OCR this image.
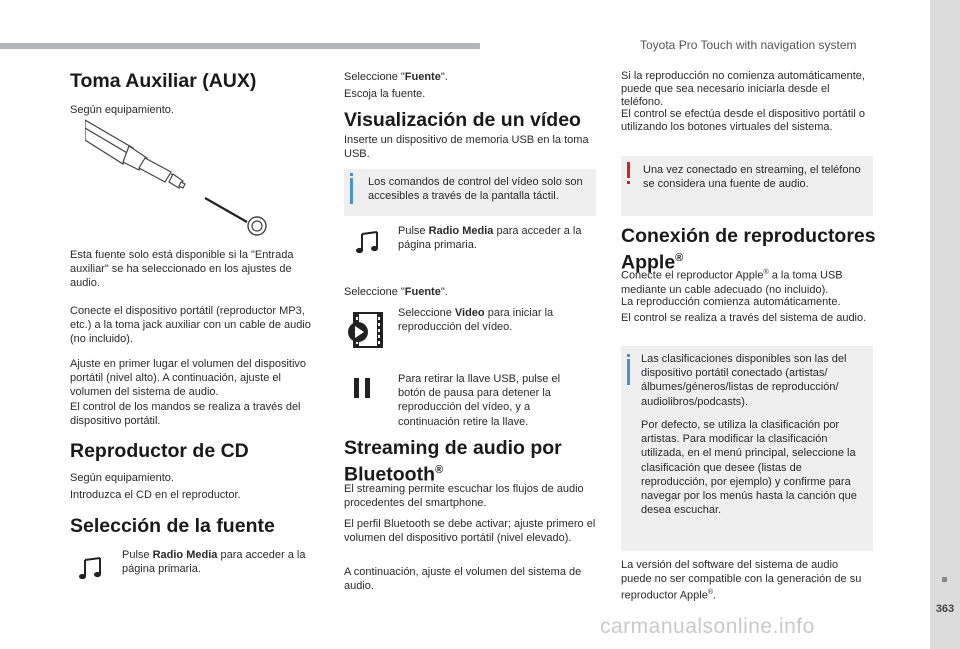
Toyota Pro Touch with navigation system
363
carmanualsonline.info
Toma Auxiliar (AUX)

Según equipamiento.

Esta fuente solo está disponible si la "Entrada auxiliar" se ha seleccionado en los ajustes de audio.

Conecte el dispositivo portátil (reproductor MP3, etc.) a la toma jack auxiliar con un cable de audio (no incluido).

Ajuste en primer lugar el volumen del dispositivo portátil (nivel alto). A continuación, ajuste el volumen del sistema de audio.

El control de los mandos se realiza a través del dispositivo portátil.

Reproductor de CD

Según equipamiento.

Introduzca el CD en el reproductor.

Selección de la fuente

Pulse Radio Media para acceder a la página primaria.

Seleccione "Fuente".

Escoja la fuente.

Visualización de un vídeo

Inserte un dispositivo de memoria USB en la toma USB.

Los comandos de control del vídeo solo son accesibles a través de la pantalla táctil.

Pulse Radio Media para acceder a la página primaria.

Seleccione "Fuente".

Seleccione Video para iniciar la reproducción del vídeo.

Para retirar la llave USB, pulse el botón de pausa para detener la reproducción del vídeo, y a continuación retire la llave.

Streaming de audio por
Bluetooth®

El streaming permite escuchar los flujos de audio procedentes del smartphone.

El perfil Bluetooth se debe activar; ajuste primero el volumen del dispositivo portátil (nivel elevado).

A continuación, ajuste el volumen del sistema de audio.

Si la reproducción no comienza automáticamente, puede que sea necesario iniciarla desde el teléfono.

El control se efectúa desde el dispositivo portátil o utilizando los botones virtuales del sistema.

Una vez conectado en streaming, el teléfono se considera una fuente de audio.

Conexión de reproductores
Apple®

Conecte el reproductor Apple® a la toma USB mediante un cable adecuado (no incluido).

La reproducción comienza automáticamente.

El control se realiza a través del sistema de audio.

Las clasificaciones disponibles son las del dispositivo portátil conectado (artistas/ álbumes/géneros/listas de reproducción/ audiolibros/podcasts).

Por defecto, se utiliza la clasificación por artistas. Para modificar la clasificación utilizada, en el menú principal, seleccione la clasificación que desee (listas de reproducción, por ejemplo) y confirme para navegar por los menús hasta la canción que desea escuchar.

La versión del software del sistema de audio puede no ser compatible con la generación de su reproductor Apple®.
